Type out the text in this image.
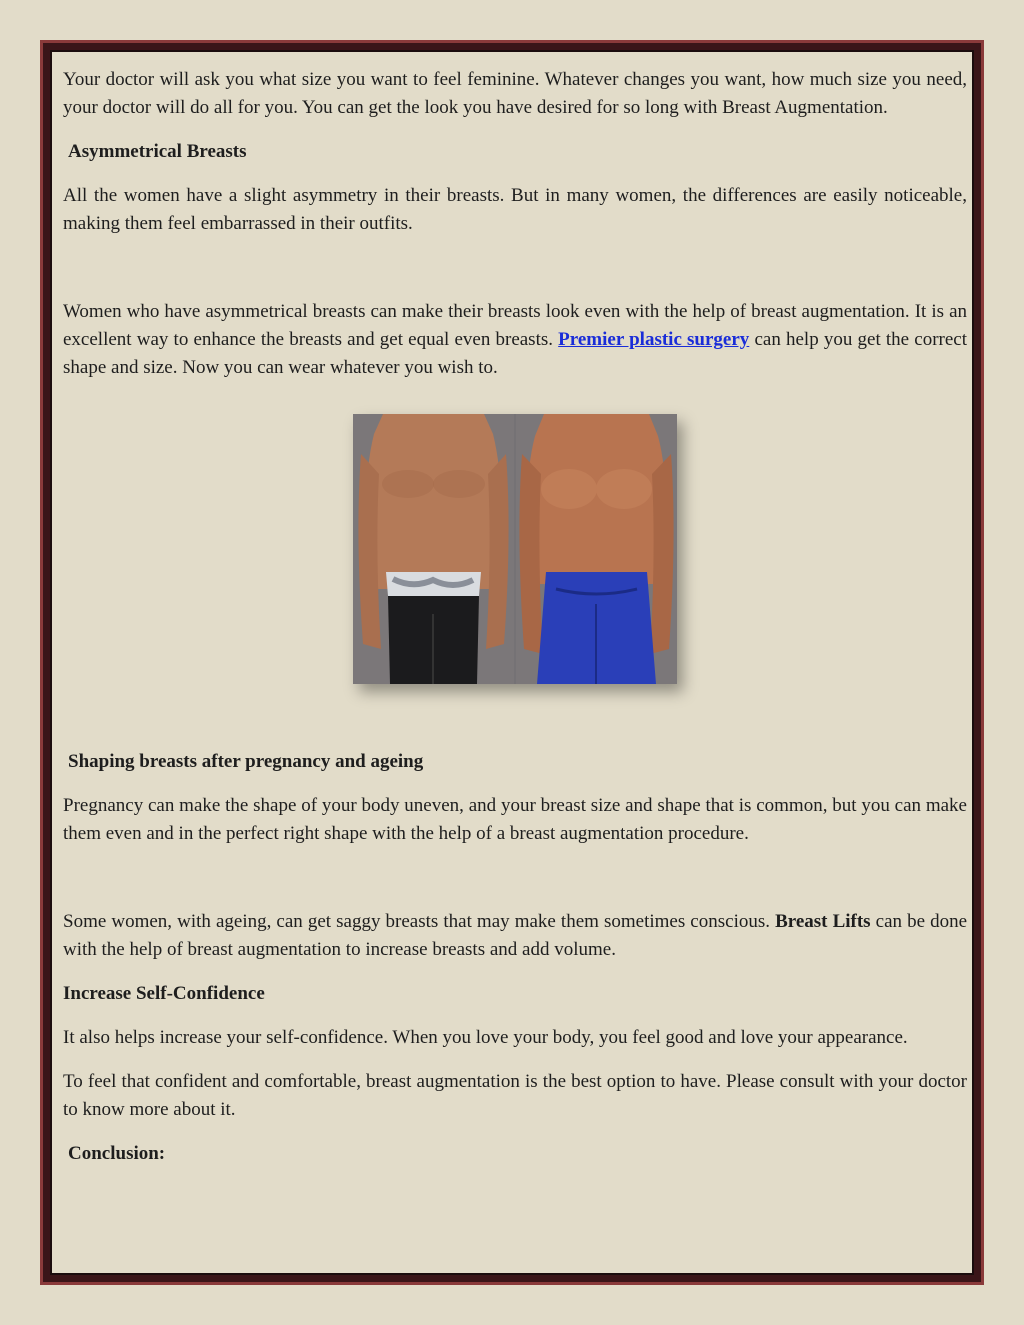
Your doctor will ask you what size you want to feel feminine. Whatever changes you want, how much size you need, your doctor will do all for you. You can get the look you have desired for so long with Breast Augmentation.

Asymmetrical Breasts

All the women have a slight asymmetry in their breasts. But in many women, the differences are easily noticeable, making them feel embarrassed in their outfits.

Women who have asymmetrical breasts can make their breasts look even with the help of breast augmentation. It is an excellent way to enhance the breasts and get equal even breasts. Premier plastic surgery can help you get the correct shape and size. Now you can wear whatever you wish to.

Shaping breasts after pregnancy and ageing

Pregnancy can make the shape of your body uneven, and your breast size and shape that is common, but you can make them even and in the perfect right shape with the help of a breast augmentation procedure.

Some women, with ageing, can get saggy breasts that may make them sometimes conscious. Breast Lifts can be done with the help of breast augmentation to increase breasts and add volume.

Increase Self-Confidence

It also helps increase your self-confidence. When you love your body, you feel good and love your appearance.

To feel that confident and comfortable, breast augmentation is the best option to have. Please consult with your doctor to know more about it.

Conclusion:
